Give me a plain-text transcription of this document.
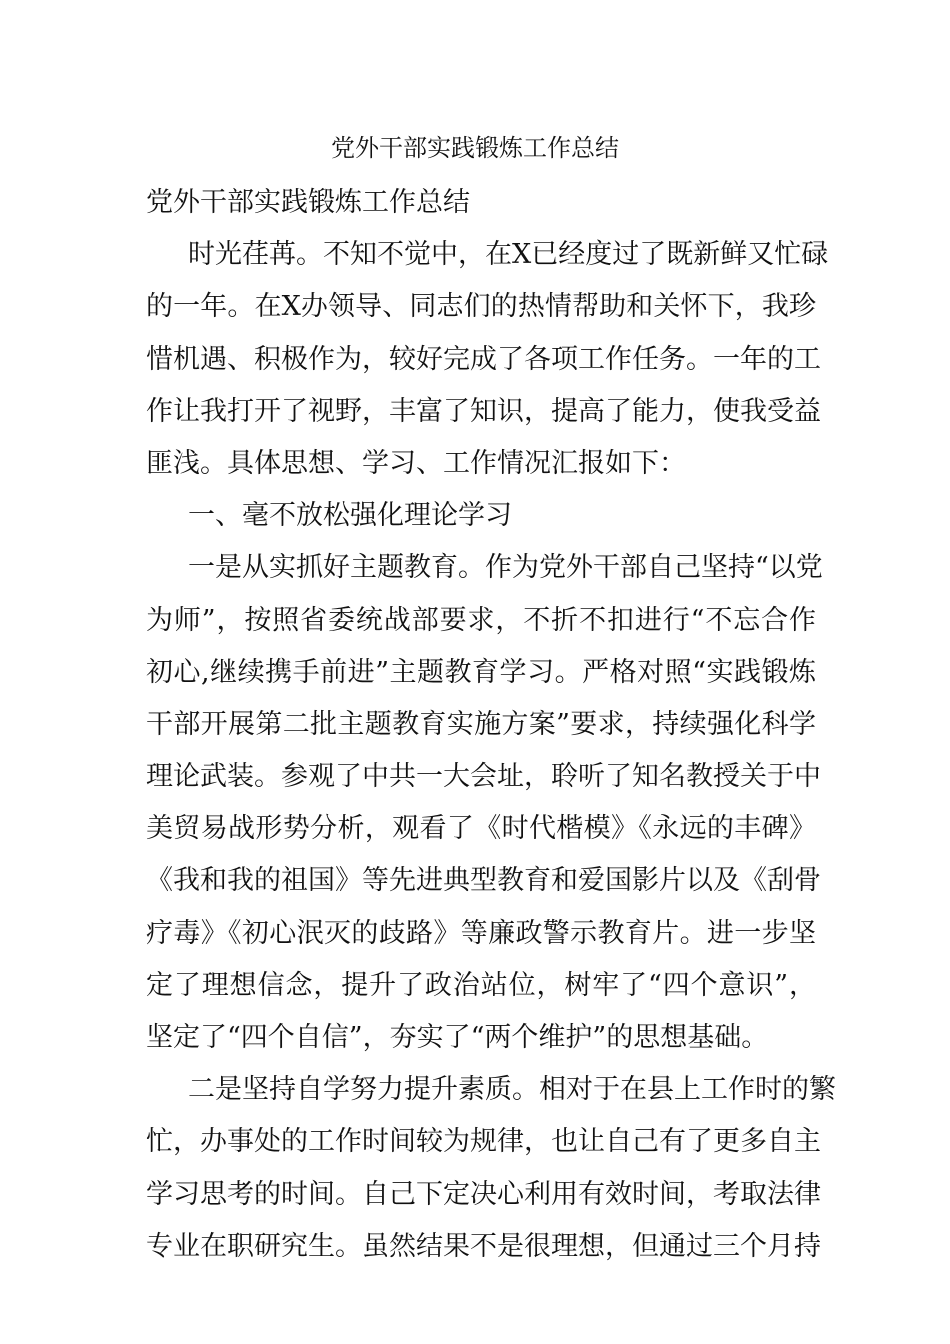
党外干部实践锻炼工作总结

党外干部实践锻炼工作总结

时光荏苒。不知不觉中，在X已经度过了既新鲜又忙碌

的一年。在X办领导、同志们的热情帮助和关怀下，我珍

惜机遇、积极作为，较好完成了各项工作任务。一年的工

作让我打开了视野，丰富了知识，提高了能力，使我受益

匪浅。具体思想、学习、工作情况汇报如下：

一、毫不放松强化理论学习

一是从实抓好主题教育。作为党外干部自己坚持“以党

为师”，按照省委统战部要求，不折不扣进行“不忘合作

初心,继续携手前进”主题教育学习。严格对照“实践锻炼

干部开展第二批主题教育实施方案”要求，持续强化科学

理论武装。参观了中共一大会址，聆听了知名教授关于中

美贸易战形势分析，观看了《时代楷模》《永远的丰碑》

《我和我的祖国》等先进典型教育和爱国影片以及《刮骨

疗毒》《初心泯灭的歧路》等廉政警示教育片。进一步坚

定了理想信念，提升了政治站位，树牢了“四个意识”，

坚定了“四个自信”，夯实了“两个维护”的思想基础。

二是坚持自学努力提升素质。相对于在县上工作时的繁

忙，办事处的工作时间较为规律，也让自己有了更多自主

学习思考的时间。自己下定决心利用有效时间，考取法律

专业在职研究生。虽然结果不是很理想，但通过三个月持
